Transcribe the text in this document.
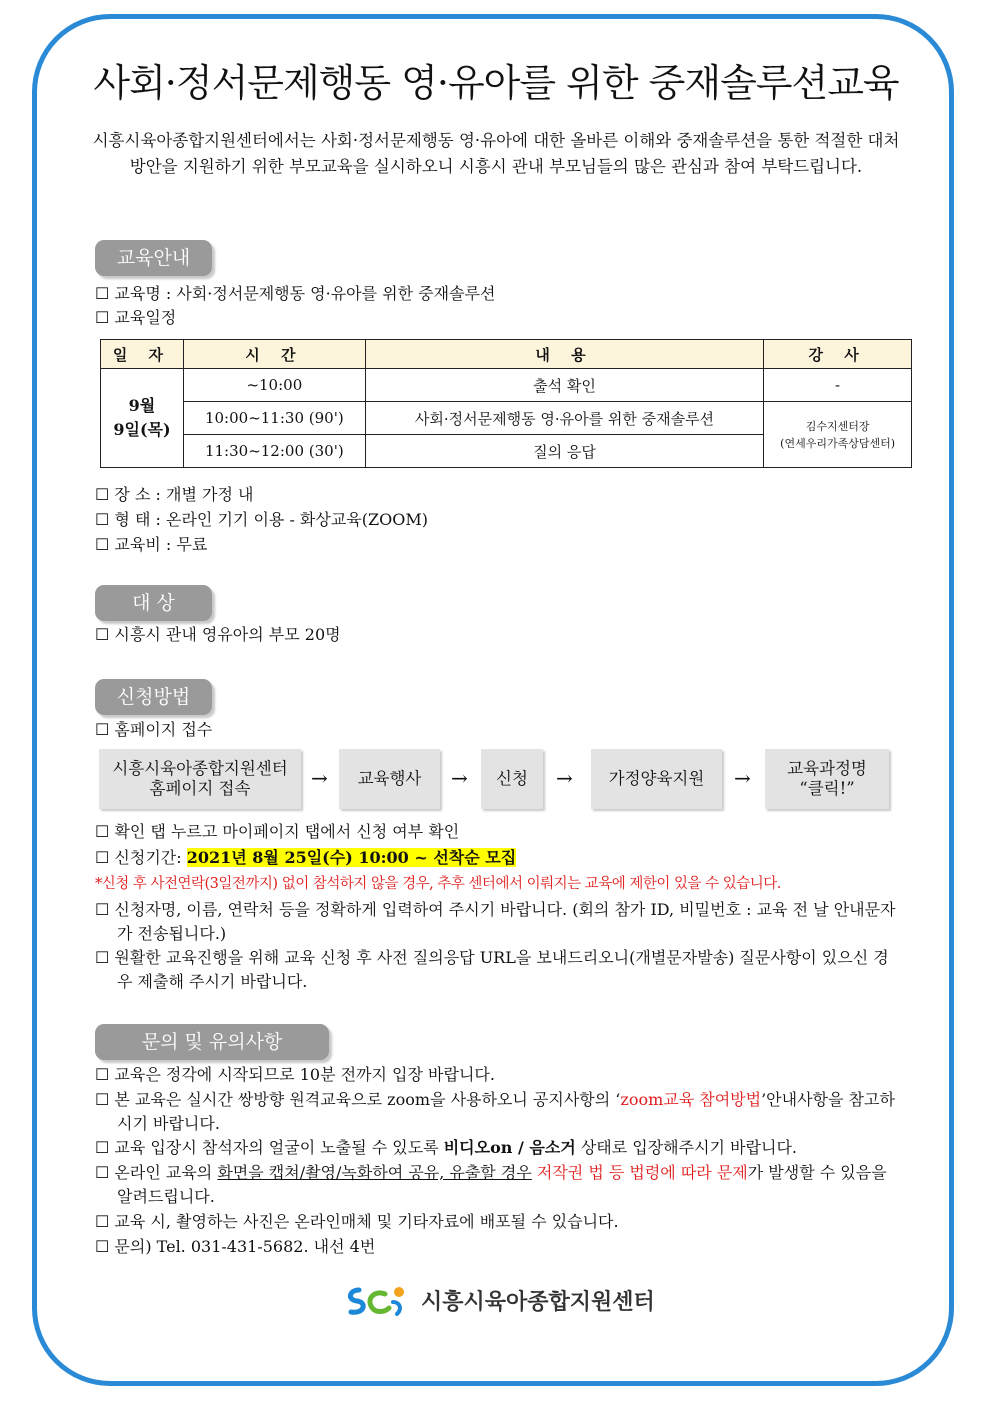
사회·정서문제행동 영·유아를 위한 중재솔루션교육
시흥시육아종합지원센터에서는 사회·정서문제행동 영·유아에 대한 올바른 이해와 중재솔루션을 통한 적절한 대처방안을 지원하기 위한 부모교육을 실시하오니 시흥시 관내 부모님들의 많은 관심과 참여 부탁드립니다.
교육안내
☐ 교육명 : 사회·정서문제행동 영·유아를 위한 중재솔루션
☐ 교육일정
일 자	시 간	내 용	강 사
9월
9일(목)	~10:00	출석 확인	-
	10:00~11:30 (90')	사회·정서문제행동 영·유아를 위한 중재솔루션	김수지센터장
(연세우리가족상담센터)

	11:30~12:00 (30')	질의 응답	
☐ 장 소 : 개별 가정 내
☐ 형 태 : 온라인 기기 이용 - 화상교육(ZOOM)
☐ 교육비 : 무료
대 상
☐ 시흥시 관내 영유아의 부모 20명
신청방법
☐ 홈페이지 접수
시흥시육아종합지원센터
홈페이지 접속	→	교육행사	→	신청	→	가정양육지원	→	교육과정명
“클릭!”
☐ 확인 탭 누르고 마이페이지 탭에서 신청 여부 확인
☐ 신청기간: 2021년 8월 25일(수) 10:00 ~ 선착순 모집
*신청 후 사전연락(3일전까지) 없이 참석하지 않을 경우, 추후 센터에서 이뤄지는 교육에 제한이 있을 수 있습니다.
☐ 신청자명, 이름, 연락처 등을 정확하게 입력하여 주시기 바랍니다. (회의 참가 ID, 비밀번호 : 교육 전 날 안내문자가 전송됩니다.)
☐ 원활한 교육진행을 위해 교육 신청 후 사전 질의응답 URL을 보내드리오니(개별문자발송) 질문사항이 있으신 경우 제출해 주시기 바랍니다.
문의 및 유의사항
☐ 교육은 정각에 시작되므로 10분 전까지 입장 바랍니다.
☐ 본 교육은 실시간 쌍방향 원격교육으로 zoom을 사용하오니 공지사항의 ‘zoom교육 참여방법’안내사항을 참고하시기 바랍니다.
☐ 교육 입장시 참석자의 얼굴이 노출될 수 있도록 비디오on / 음소거 상태로 입장해주시기 바랍니다.
☐ 온라인 교육의 화면을 캡쳐/촬영/녹화하여 공유, 유출할 경우 저작권 법 등 법령에 따라 문제가 발생할 수 있음을 알려드립니다.
☐ 교육 시, 촬영하는 사진은 온라인매체 및 기타자료에 배포될 수 있습니다.
☐ 문의) Tel. 031-431-5682. 내선 4번
시흥시육아종합지원센터
